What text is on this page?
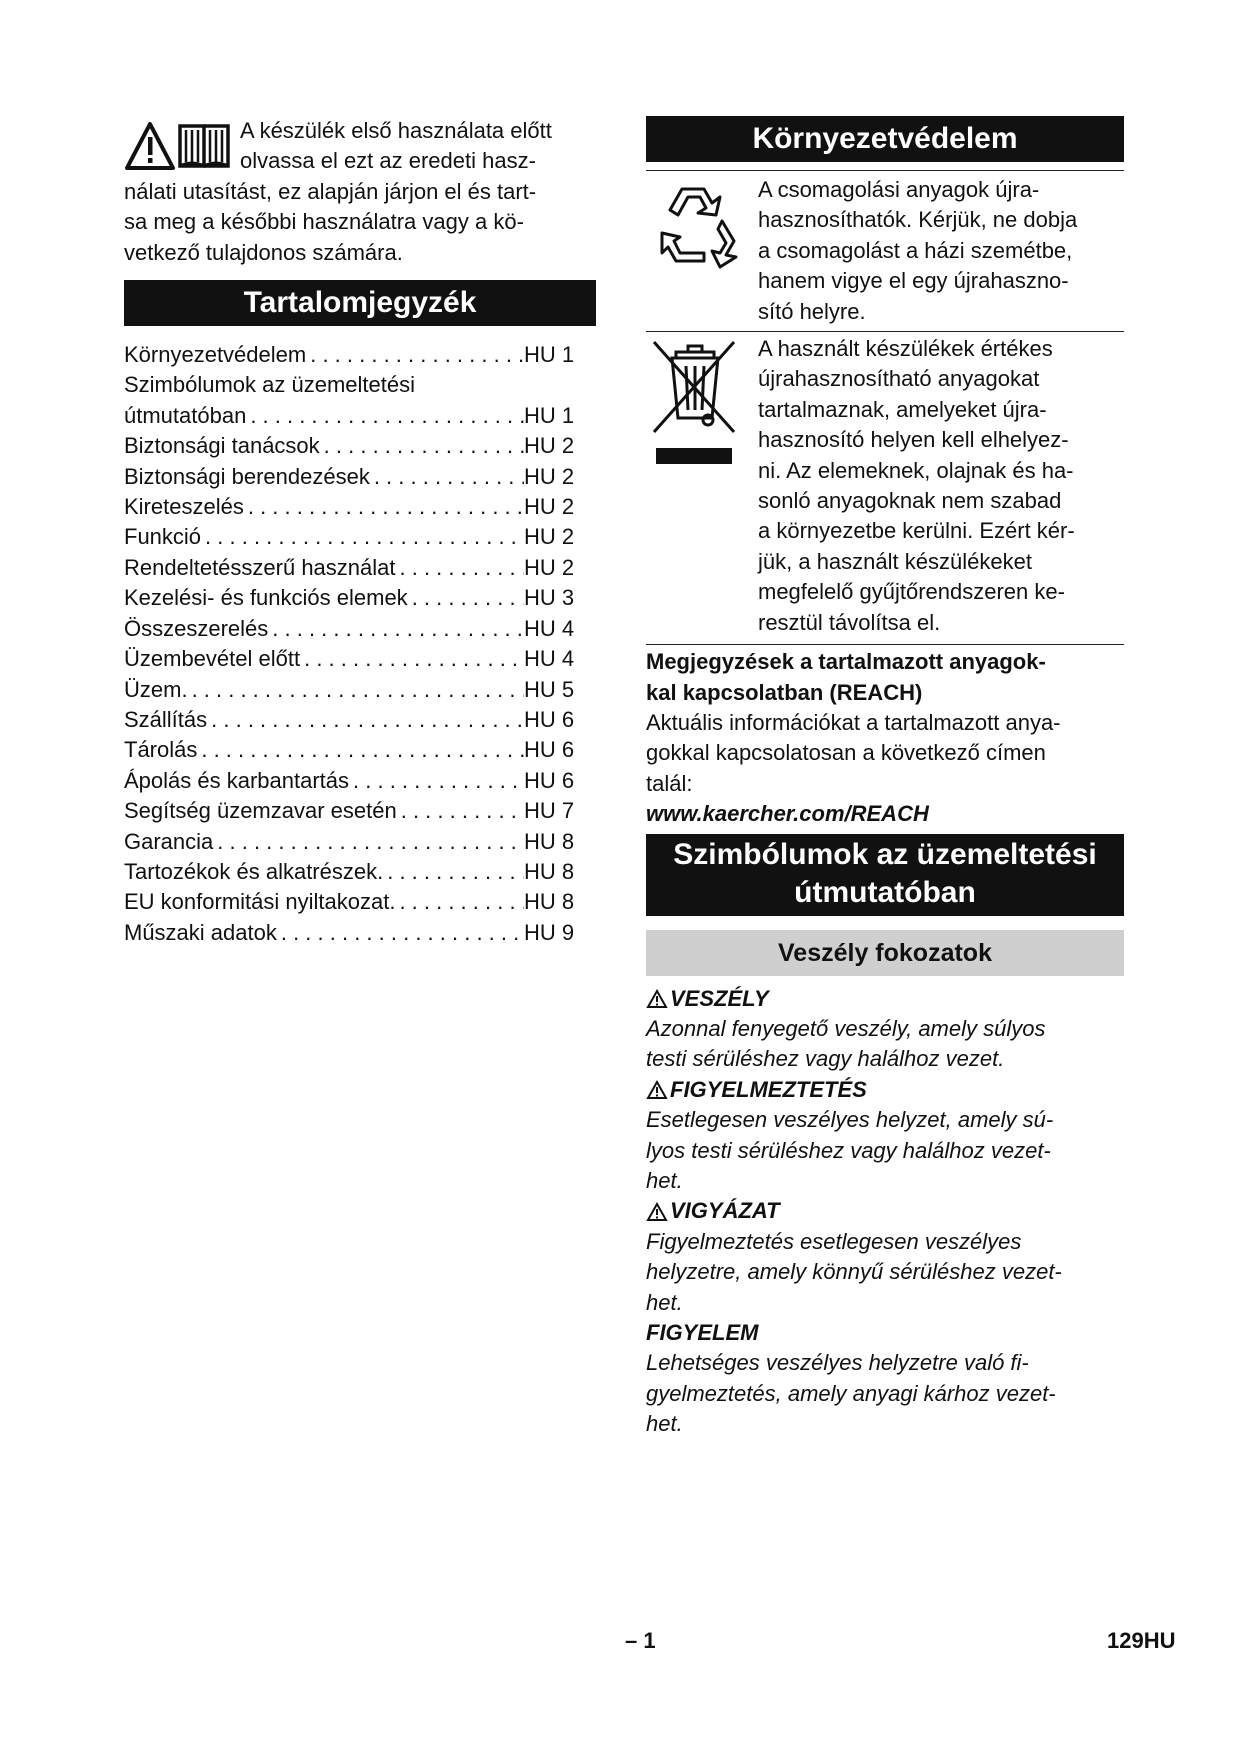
A készülék első használata előtt

olvassa el ezt az eredeti hasz-

nálati utasítást, ez alapján járjon el és tart-

sa meg a későbbi használatra vagy a kö-

vetkező tulajdonos számára.

Tartalomjegyzék
Környezetvédelem . . .	HU 1
Szimbólumok az üzemeltetési
útmutatóban . . .	HU 1
Biztonsági tanácsok . . .	HU 2
Biztonsági berendezések . . .	HU 2
Kireteszelés . . .	HU 2
Funkció . . .	HU 2
Rendeltetésszerű használat . . .	HU 2
Kezelési- és funkciós elemek . . .	HU 3
Összeszerelés . . .	HU 4
Üzembevétel előtt . . .	HU 4
Üzem. . . .	HU 5
Szállítás . . .	HU 6
Tárolás . . .	HU 6
Ápolás és karbantartás . . .	HU 6
Segítség üzemzavar esetén . . .	HU 7
Garancia . . .	HU 8
Tartozékok és alkatrészek. . . .	HU 8
EU konformitási nyiltakozat. . . .	HU 8
Műszaki adatok . . .	HU 9
Környezetvédelem

A csomagolási anyagok újra-

hasznosíthatók. Kérjük, ne dobja

a csomagolást a házi szemétbe,

hanem vigye el egy újrahaszno-

sító helyre.

A használt készülékek értékes

újrahasznosítható anyagokat

tartalmaznak, amelyeket újra-

hasznosító helyen kell elhelyez-

ni. Az elemeknek, olajnak és ha-

sonló anyagoknak nem szabad

a környezetbe kerülni. Ezért kér-

jük, a használt készülékeket

megfelelő gyűjtőrendszeren ke-

resztül távolítsa el.

Megjegyzések a tartalmazott anyagok-

kal kapcsolatban (REACH)

Aktuális információkat a tartalmazott anya-

gokkal kapcsolatosan a következő címen

talál:

www.kaercher.com/REACH

Szimbólumok az üzemeltetési
útmutatóban
Veszély fokozatok
VESZÉLY

Azonnal fenyegető veszély, amely súlyos

testi sérüléshez vagy halálhoz vezet.

FIGYELMEZTETÉS

Esetlegesen veszélyes helyzet, amely sú-

lyos testi sérüléshez vagy halálhoz vezet-

het.

VIGYÁZAT

Figyelmeztetés esetlegesen veszélyes

helyzetre, amely könnyű sérüléshez vezet-

het.

FIGYELEM

Lehetséges veszélyes helyzetre való fi-

gyelmeztetés, amely anyagi kárhoz vezet-

het.

– 1	129HU
